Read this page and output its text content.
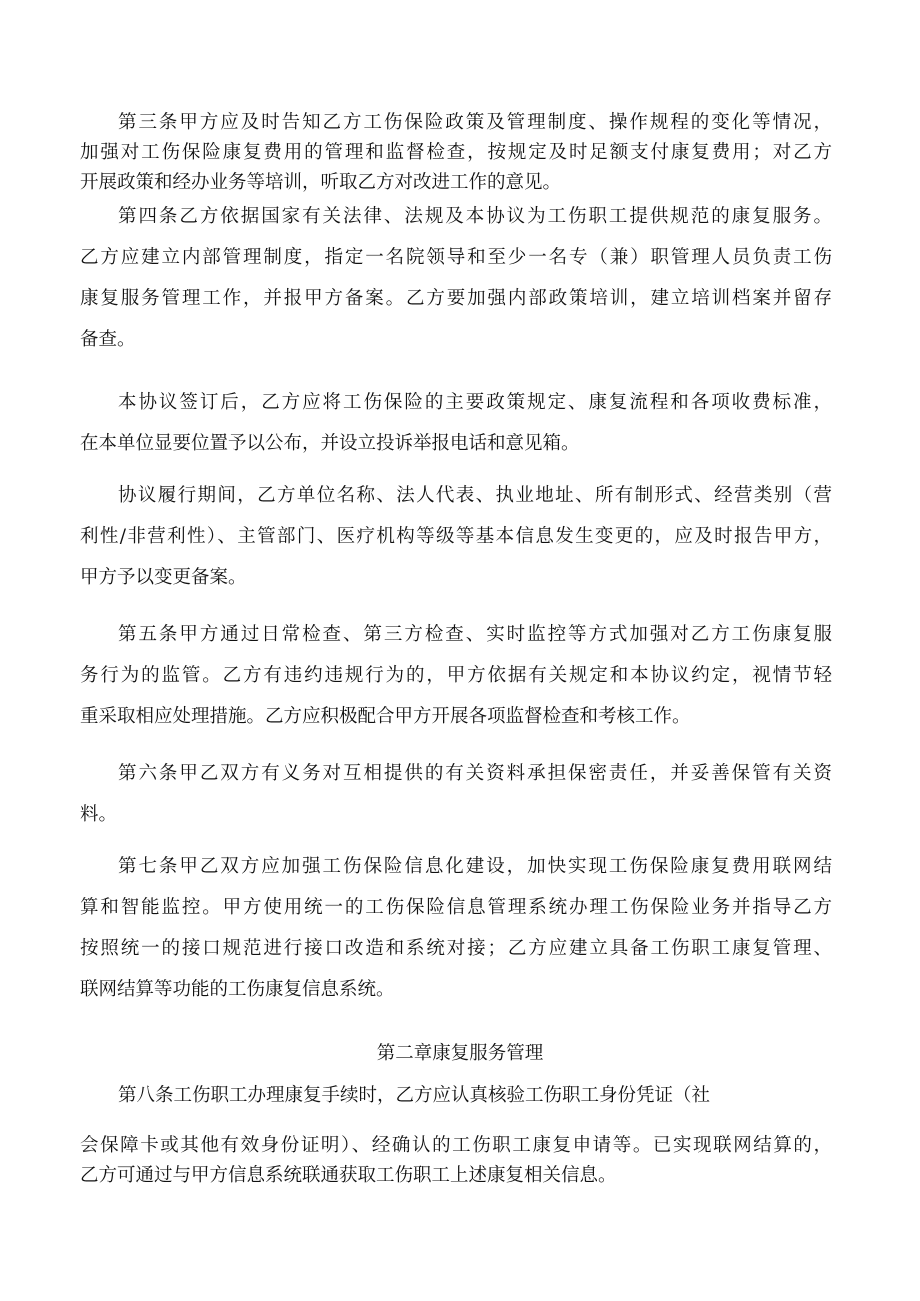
第三条甲方应及时告知乙方工伤保险政策及管理制度、操作规程的变化等情况，
加强对工伤保险康复费用的管理和监督检查，按规定及时足额支付康复费用；对乙方
开展政策和经办业务等培训，听取乙方对改进工作的意见。
第四条乙方依据国家有关法律、法规及本协议为工伤职工提供规范的康复服务。
乙方应建立内部管理制度，指定一名院领导和至少一名专（兼）职管理人员负责工伤
康复服务管理工作，并报甲方备案。乙方要加强内部政策培训，建立培训档案并留存
备查。
本协议签订后，乙方应将工伤保险的主要政策规定、康复流程和各项收费标准，
在本单位显要位置予以公布，并设立投诉举报电话和意见箱。
协议履行期间，乙方单位名称、法人代表、执业地址、所有制形式、经营类别（营
利性/非营利性）、主管部门、医疗机构等级等基本信息发生变更的，应及时报告甲方，
甲方予以变更备案。
第五条甲方通过日常检查、第三方检查、实时监控等方式加强对乙方工伤康复服
务行为的监管。乙方有违约违规行为的，甲方依据有关规定和本协议约定，视情节轻
重采取相应处理措施。乙方应积极配合甲方开展各项监督检查和考核工作。
第六条甲乙双方有义务对互相提供的有关资料承担保密责任，并妥善保管有关资
料。
第七条甲乙双方应加强工伤保险信息化建设，加快实现工伤保险康复费用联网结
算和智能监控。甲方使用统一的工伤保险信息管理系统办理工伤保险业务并指导乙方
按照统一的接口规范进行接口改造和系统对接；乙方应建立具备工伤职工康复管理、
联网结算等功能的工伤康复信息系统。
第二章康复服务管理
第八条工伤职工办理康复手续时，乙方应认真核验工伤职工身份凭证（社
会保障卡或其他有效身份证明）、经确认的工伤职工康复申请等。已实现联网结算的，
乙方可通过与甲方信息系统联通获取工伤职工上述康复相关信息。
